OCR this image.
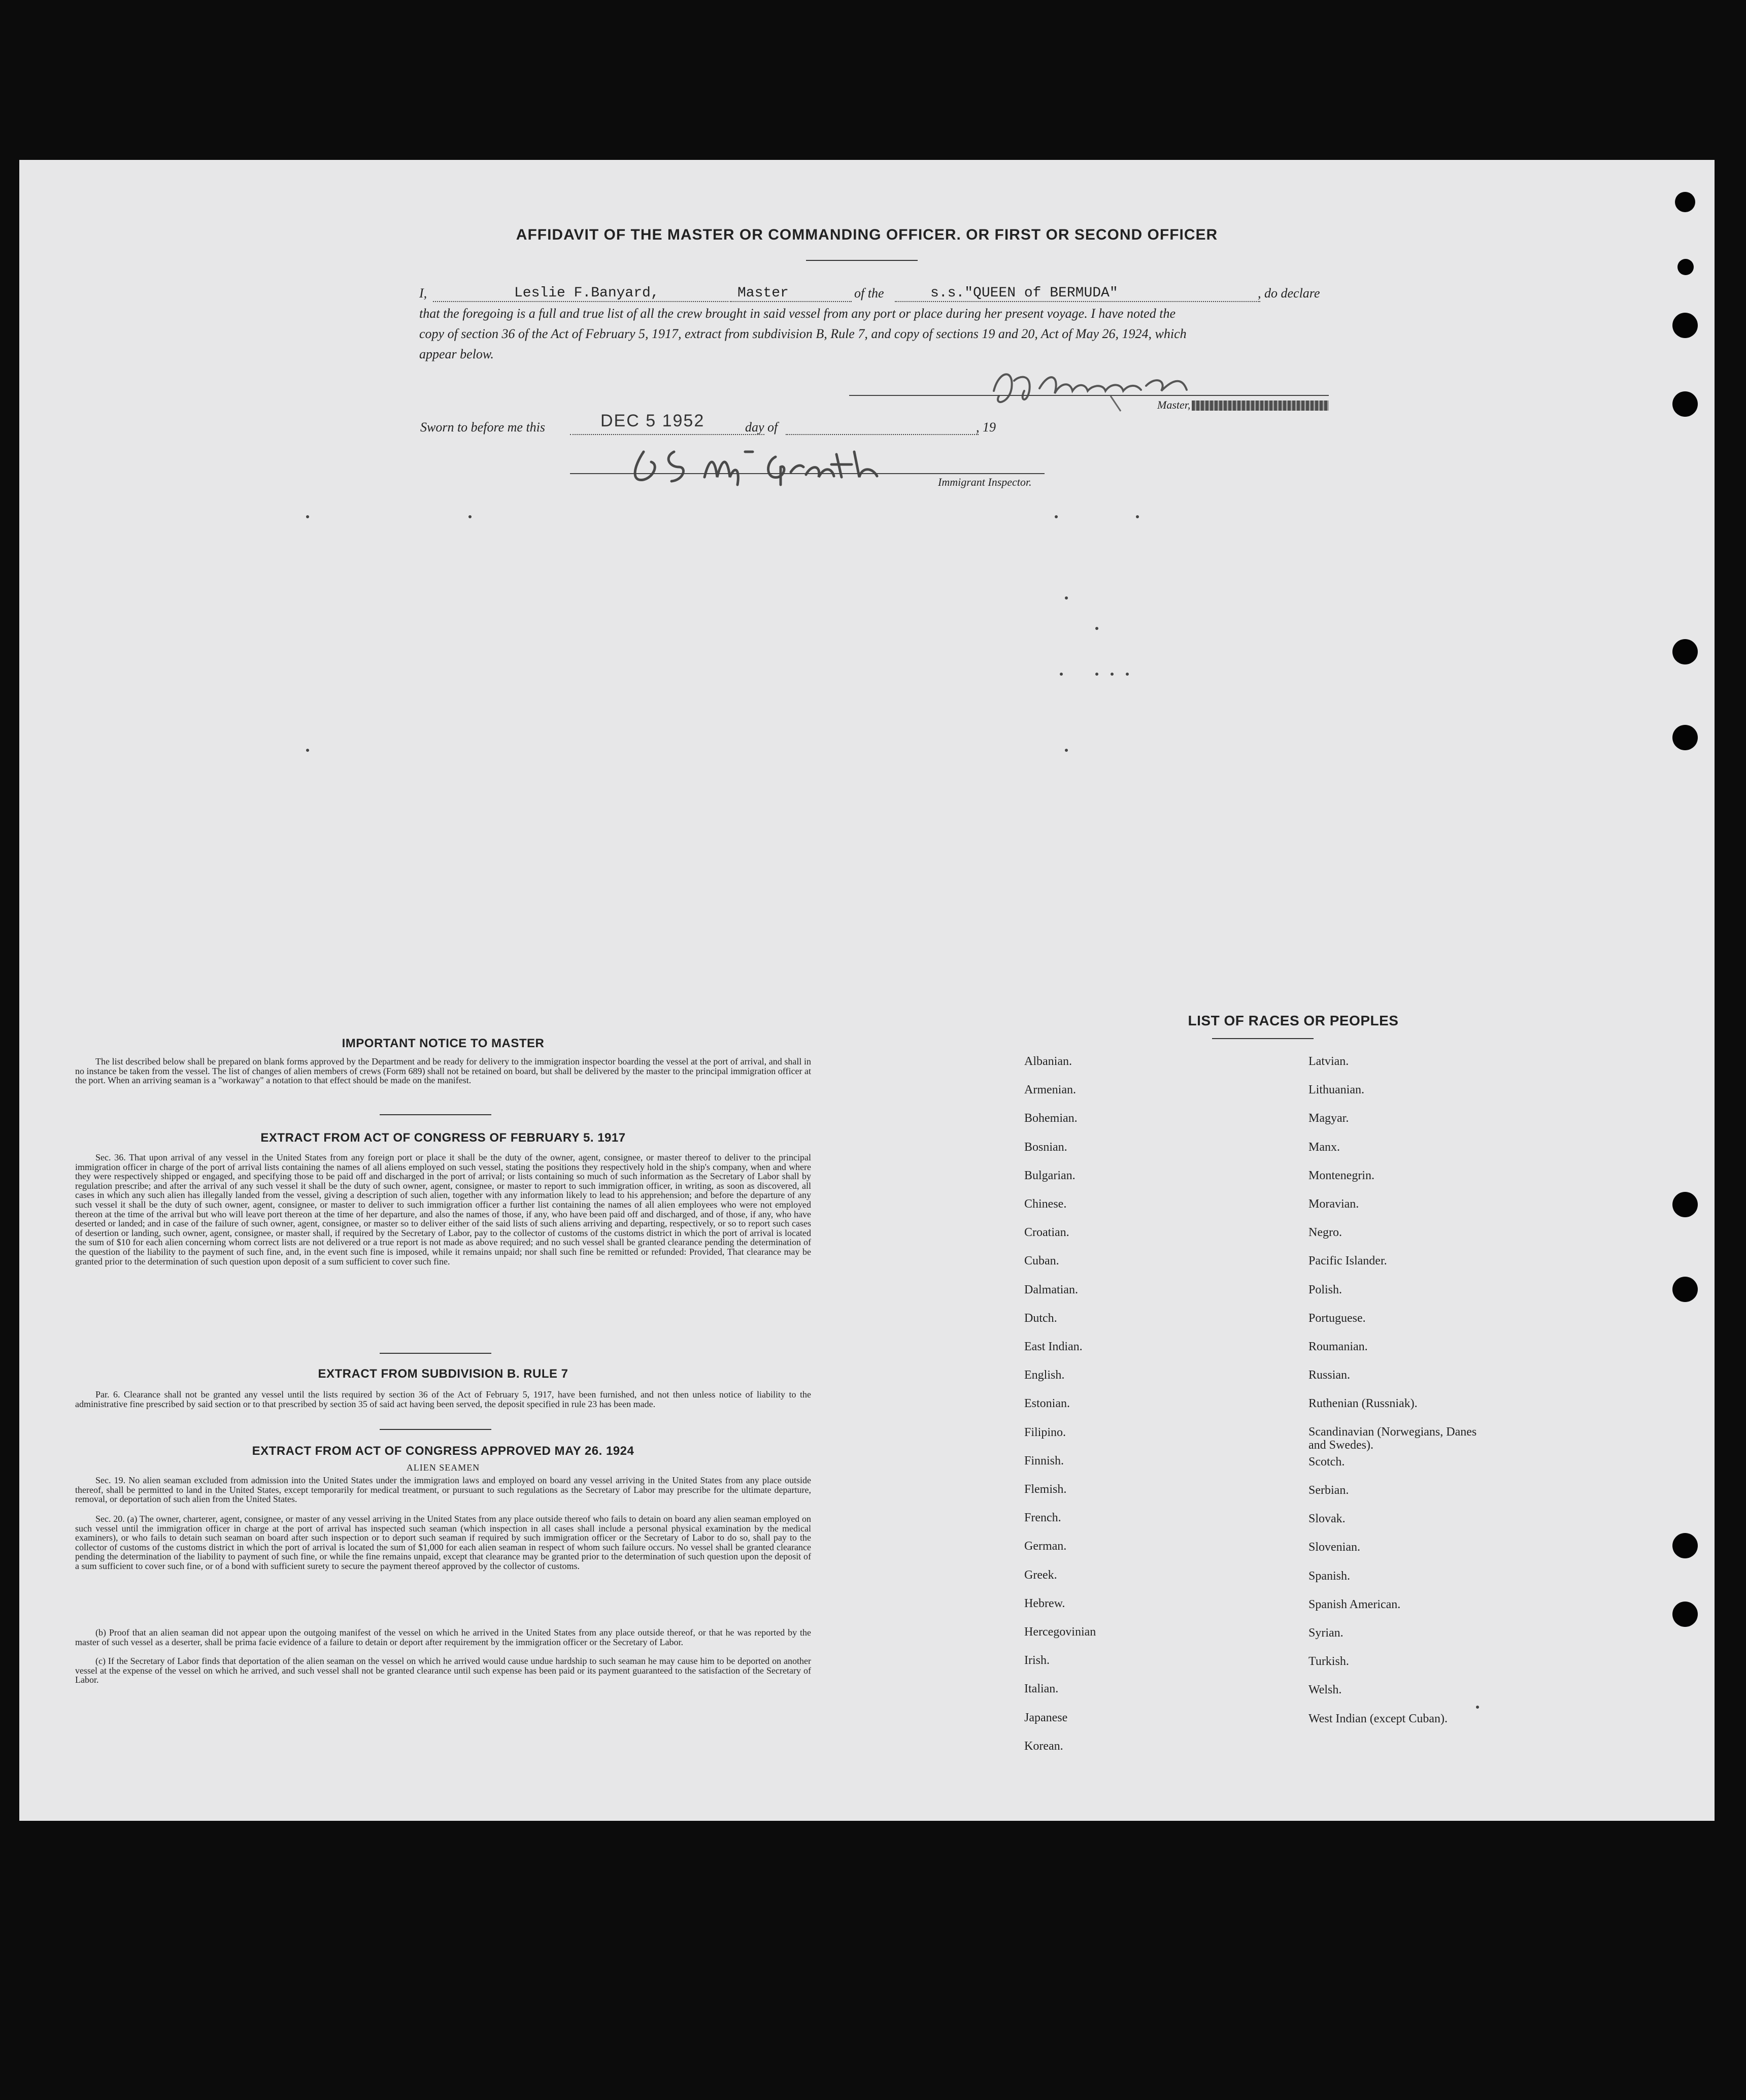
AFFIDAVIT OF THE MASTER OR COMMANDING OFFICER. OR FIRST OR SECOND OFFICER
I,	Leslie F.Banyard,	Master	of the	s.s."QUEEN of BERMUDA"	, do declare
that the foregoing is a full and true list of all the crew brought in said vessel from any port or place during her present voyage. I have noted the
copy of section 36 of the Act of February 5, 1917, extract from subdivision B, Rule 7, and copy of sections 19 and 20, Act of May 26, 1924, which
appear below.
Master,
Sworn to before me this	DEC 5 1952	day of	, 19
Immigrant Inspector.
IMPORTANT NOTICE TO MASTER
The list described below shall be prepared on blank forms approved by the Department and be ready for delivery to the immigration inspector boarding the vessel at the port of arrival, and shall in no instance be taken from the vessel. The list of changes of alien members of crews (Form 689) shall not be retained on board, but shall be delivered by the master to the principal immigration officer at the port. When an arriving seaman is a "workaway" a notation to that effect should be made on the manifest.
EXTRACT FROM ACT OF CONGRESS OF FEBRUARY 5. 1917
Sec. 36. That upon arrival of any vessel in the United States from any foreign port or place it shall be the duty of the owner, agent, consignee, or master thereof to deliver to the principal immigration officer in charge of the port of arrival lists containing the names of all aliens employed on such vessel, stating the positions they respectively hold in the ship's company, when and where they were respectively shipped or engaged, and specifying those to be paid off and discharged in the port of arrival; or lists containing so much of such information as the Secretary of Labor shall by regulation prescribe; and after the arrival of any such vessel it shall be the duty of such owner, agent, consignee, or master to report to such immigration officer, in writing, as soon as discovered, all cases in which any such alien has illegally landed from the vessel, giving a description of such alien, together with any information likely to lead to his apprehension; and before the departure of any such vessel it shall be the duty of such owner, agent, consignee, or master to deliver to such immigration officer a further list containing the names of all alien employees who were not employed thereon at the time of the arrival but who will leave port thereon at the time of her departure, and also the names of those, if any, who have been paid off and discharged, and of those, if any, who have deserted or landed; and in case of the failure of such owner, agent, consignee, or master so to deliver either of the said lists of such aliens arriving and departing, respectively, or so to report such cases of desertion or landing, such owner, agent, consignee, or master shall, if required by the Secretary of Labor, pay to the collector of customs of the customs district in which the port of arrival is located the sum of $10 for each alien concerning whom correct lists are not delivered or a true report is not made as above required; and no such vessel shall be granted clearance pending the determination of the question of the liability to the payment of such fine, and, in the event such fine is imposed, while it remains unpaid; nor shall such fine be remitted or refunded: Provided, That clearance may be granted prior to the determination of such question upon deposit of a sum sufficient to cover such fine.
EXTRACT FROM SUBDIVISION B. RULE 7
Par. 6. Clearance shall not be granted any vessel until the lists required by section 36 of the Act of February 5, 1917, have been furnished, and not then unless notice of liability to the administrative fine prescribed by said section or to that prescribed by section 35 of said act having been served, the deposit specified in rule 23 has been made.
EXTRACT FROM ACT OF CONGRESS APPROVED MAY 26. 1924
ALIEN SEAMEN
Sec. 19. No alien seaman excluded from admission into the United States under the immigration laws and employed on board any vessel arriving in the United States from any place outside thereof, shall be permitted to land in the United States, except temporarily for medical treatment, or pursuant to such regulations as the Secretary of Labor may prescribe for the ultimate departure, removal, or deportation of such alien from the United States.
Sec. 20. (a) The owner, charterer, agent, consignee, or master of any vessel arriving in the United States from any place outside thereof who fails to detain on board any alien seaman employed on such vessel until the immigration officer in charge at the port of arrival has inspected such seaman (which inspection in all cases shall include a personal physical examination by the medical examiners), or who fails to detain such seaman on board after such inspection or to deport such seaman if required by such immigration officer or the Secretary of Labor to do so, shall pay to the collector of customs of the customs district in which the port of arrival is located the sum of $1,000 for each alien seaman in respect of whom such failure occurs. No vessel shall be granted clearance pending the determination of the liability to payment of such fine, or while the fine remains unpaid, except that clearance may be granted prior to the determination of such question upon the deposit of a sum sufficient to cover such fine, or of a bond with sufficient surety to secure the payment thereof approved by the collector of customs.
(b) Proof that an alien seaman did not appear upon the outgoing manifest of the vessel on which he arrived in the United States from any place outside thereof, or that he was reported by the master of such vessel as a deserter, shall be prima facie evidence of a failure to detain or deport after requirement by the immigration officer or the Secretary of Labor.
(c) If the Secretary of Labor finds that deportation of the alien seaman on the vessel on which he arrived would cause undue hardship to such seaman he may cause him to be deported on another vessel at the expense of the vessel on which he arrived, and such vessel shall not be granted clearance until such expense has been paid or its payment guaranteed to the satisfaction of the Secretary of Labor.
LIST OF RACES OR PEOPLES
Albanian.
Armenian.
Bohemian.
Bosnian.
Bulgarian.
Chinese.
Croatian.
Cuban.
Dalmatian.
Dutch.
East Indian.
English.
Estonian.
Filipino.
Finnish.
Flemish.
French.
German.
Greek.
Hebrew.
Hercegovinian
Irish.
Italian.
Japanese
Korean.
Latvian.
Lithuanian.
Magyar.
Manx.
Montenegrin.
Moravian.
Negro.
Pacific Islander.
Polish.
Portuguese.
Roumanian.
Russian.
Ruthenian (Russniak).
Scandinavian (Norwegians, Danes and Swedes).
Scotch.
Serbian.
Slovak.
Slovenian.
Spanish.
Spanish American.
Syrian.
Turkish.
Welsh.
West Indian (except Cuban).
